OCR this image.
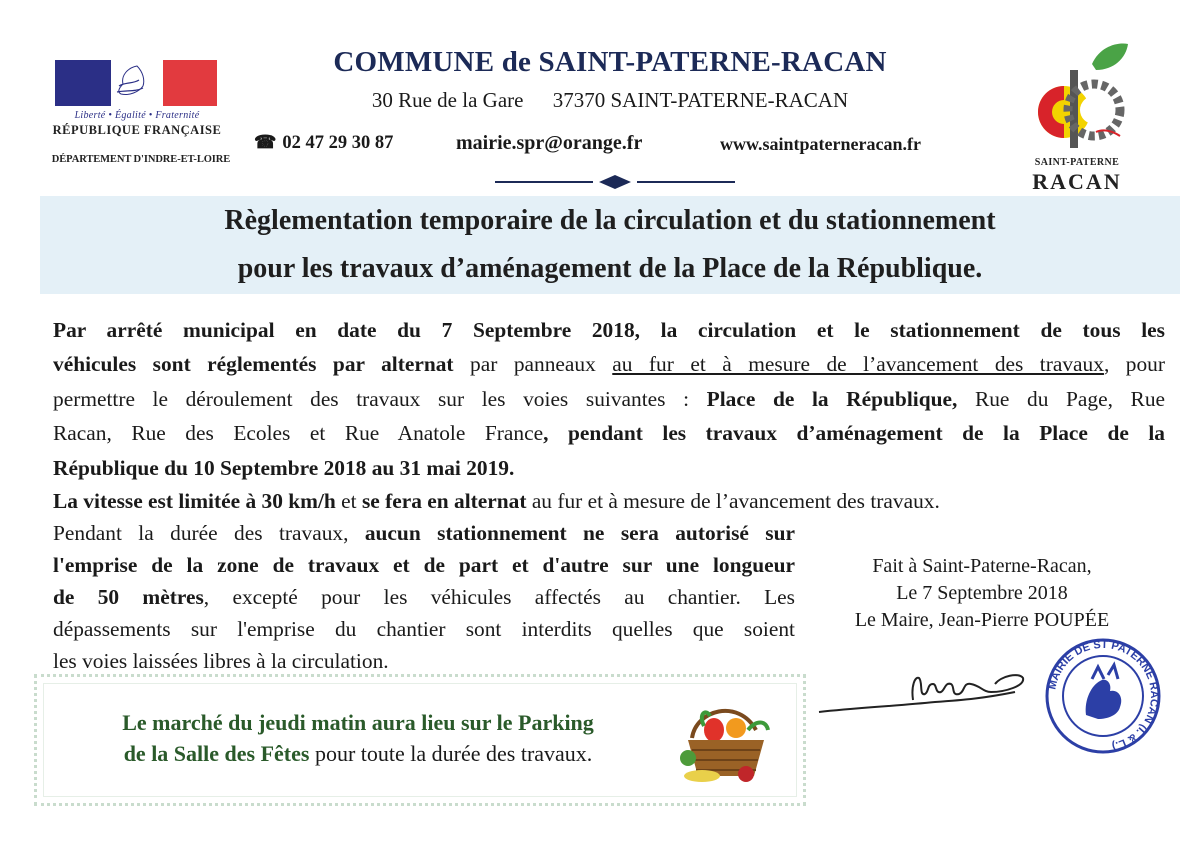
Liberté • Égalité • Fraternité
RÉPUBLIQUE FRANÇAISE
DÉPARTEMENT D'INDRE-ET-LOIRE
COMMUNE de SAINT-PATERNE-RACAN
30 Rue de la Gare 37370 SAINT-PATERNE-RACAN
☎ 02 47 29 30 87	mairie.spr@orange.fr	www.saintpaterneracan.fr
SAINT-PATERNE
RACAN
Règlementation temporaire de la circulation et du stationnement
pour les travaux d’aménagement de la Place de la République.
Par arrêté municipal en date du 7 Septembre 2018, la circulation et le stationnement de tous les
véhicules sont réglementés par alternat par panneaux au fur et à mesure de l’avancement des travaux, pour
permettre le déroulement des travaux sur les voies suivantes : Place de la République, Rue du Page, Rue
Racan, Rue des Ecoles et Rue Anatole France, pendant les travaux d’aménagement de la Place de la
République du 10 Septembre 2018 au 31 mai 2019.
La vitesse est limitée à 30 km/h et se fera en alternat au fur et à mesure de l’avancement des travaux.
Pendant la durée des travaux, aucun stationnement ne sera autorisé sur
l'emprise de la zone de travaux et de part et d'autre sur une longueur
de 50 mètres, excepté pour les véhicules affectés au chantier. Les
dépassements sur l'emprise du chantier sont interdits quelles que soient
les voies laissées libres à la circulation.
Fait à Saint-Paterne-Racan,
Le 7 Septembre 2018
Le Maire, Jean-Pierre POUPÉE
MAIRIE DE ST PATERNE RACAN (I. & L.)
Le marché du jeudi matin aura lieu sur le Parking
de la Salle des Fêtes pour toute la durée des travaux.
